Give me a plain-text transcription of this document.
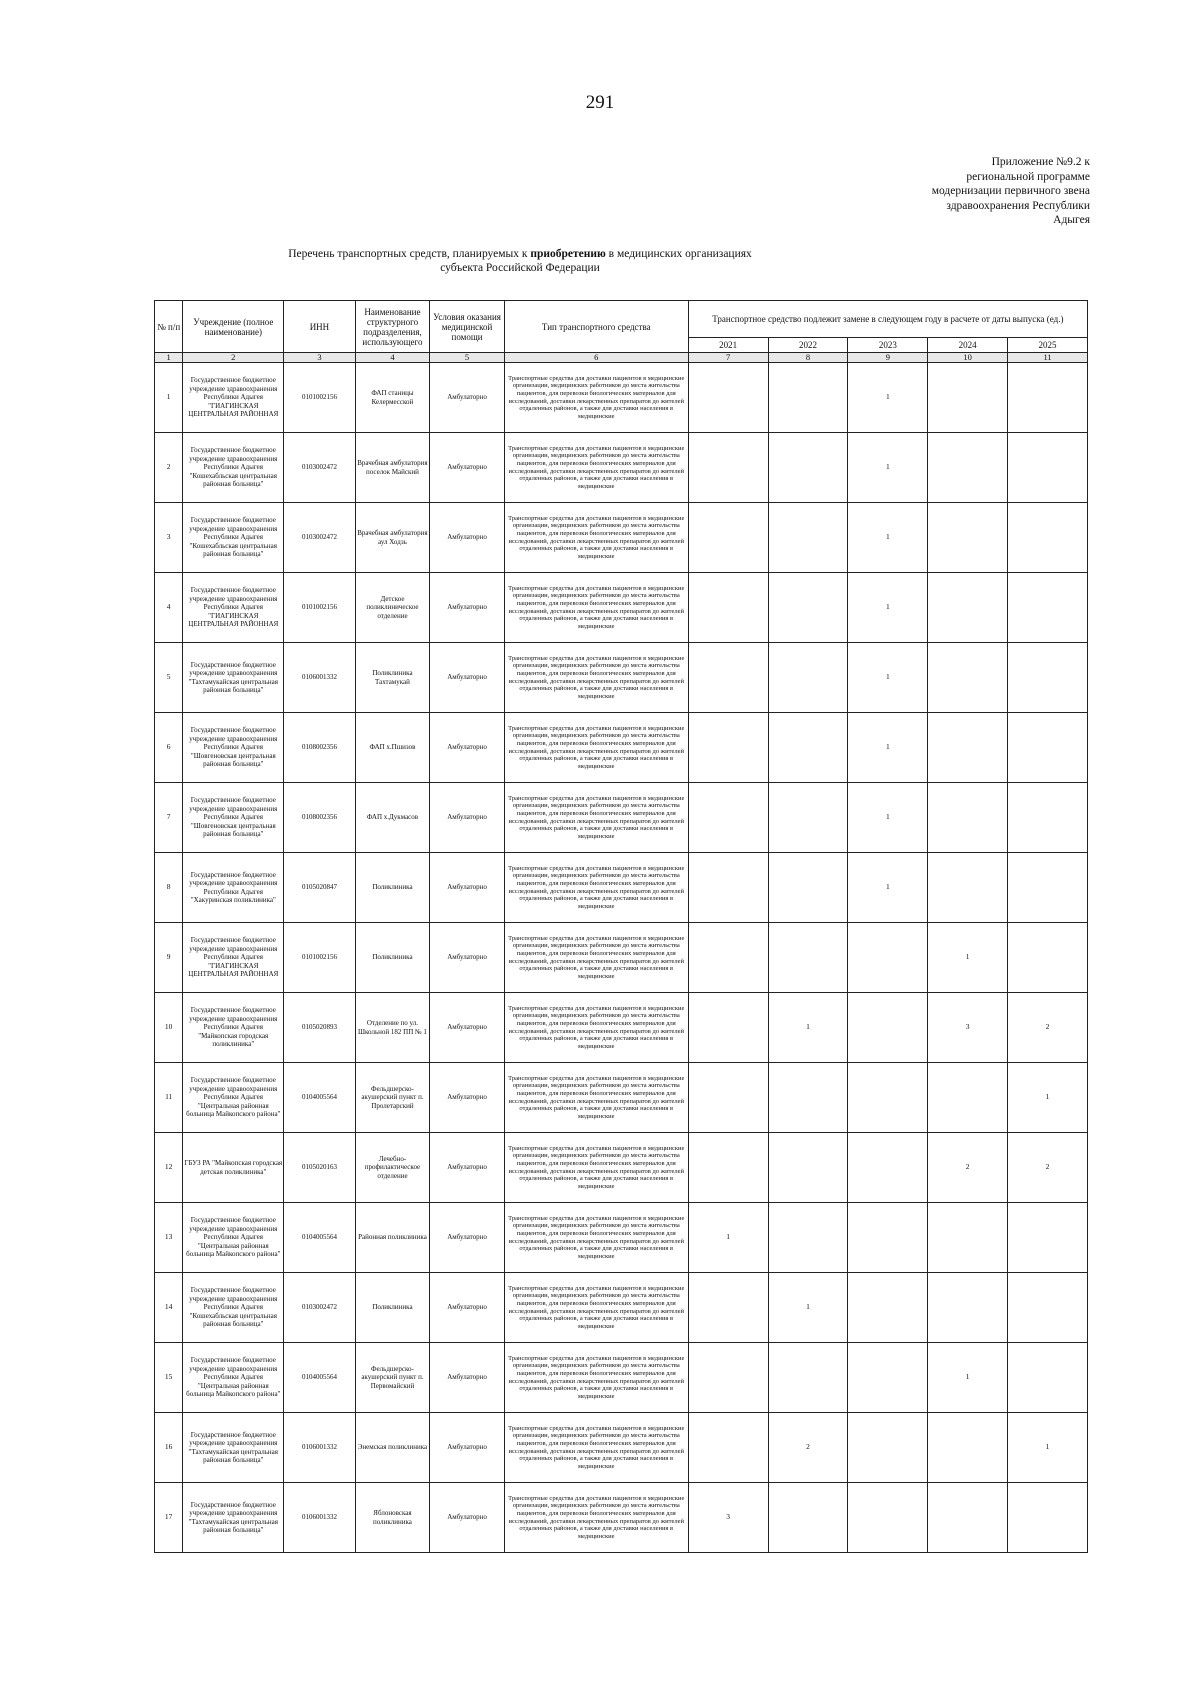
291
Приложение №9.2 к
региональной программе
модернизации первичного звена
здравоохранения Республики
Адыгея
Перечень транспортных средств, планируемых к приобретению в медицинских организациях
субъекта Российской Федерации
№ п/п	Учреждение (полное наименование)	ИНН	Наименование структурного подразделения, использующего	Условия оказания медицинской помощи	Тип транспортного средства	Транспортное средство подлежит замене в следующем году в расчете от даты выпуска (ед.)				
						2021	2022	2023	2024	2025
1	2	3	4	5	6	7	8	9	10	11
1	Государственное бюджетное учреждение здравоохранения Республики Адыгея "ГИАГИНСКАЯ ЦЕНТРАЛЬНАЯ РАЙОННАЯ	0101002156	ФАП станицы Келермесской	Амбулаторно	Транспортные средства для доставки пациентов в медицинские организации, медицинских работников до места жительства пациентов, для перевозки биологических материалов для исследований, доставки лекарственных препаратов до жителей отдаленных районов, а также для доставки населения в медицинские			1		
2	Государственное бюджетное учреждение здравоохранения Республики Адыгея "Кошехабльская центральная районная больница"	0103002472	Врачебная амбулатория поселок Майский	Амбулаторно	Транспортные средства для доставки пациентов в медицинские организации, медицинских работников до места жительства пациентов, для перевозки биологических материалов для исследований, доставки лекарственных препаратов до жителей отдаленных районов, а также для доставки населения в медицинские			1		
3	Государственное бюджетное учреждение здравоохранения Республики Адыгея "Кошехабльская центральная районная больница"	0103002472	Врачебная амбулатория аул Ходзь	Амбулаторно	Транспортные средства для доставки пациентов в медицинские организации, медицинских работников до места жительства пациентов, для перевозки биологических материалов для исследований, доставки лекарственных препаратов до жителей отдаленных районов, а также для доставки населения в медицинские			1		
4	Государственное бюджетное учреждение здравоохранения Республики Адыгея "ГИАГИНСКАЯ ЦЕНТРАЛЬНАЯ РАЙОННАЯ	0101002156	Детское поликлиническое отделение	Амбулаторно	Транспортные средства для доставки пациентов в медицинские организации, медицинских работников до места жительства пациентов, для перевозки биологических материалов для исследований, доставки лекарственных препаратов до жителей отдаленных районов, а также для доставки населения в медицинские			1		
5	Государственное бюджетное учреждение здравоохранения "Тахтамукайская центральная районная больница"	0106001332	Поликлиника Тахтамукай	Амбулаторно	Транспортные средства для доставки пациентов в медицинские организации, медицинских работников до места жительства пациентов, для перевозки биологических материалов для исследований, доставки лекарственных препаратов до жителей отдаленных районов, а также для доставки населения в медицинские			1		
6	Государственное бюджетное учреждение здравоохранения Республики Адыгея "Шовгеновская центральная районная больница"	0108002356	ФАП х.Пшизов	Амбулаторно	Транспортные средства для доставки пациентов в медицинские организации, медицинских работников до места жительства пациентов, для перевозки биологических материалов для исследований, доставки лекарственных препаратов до жителей отдаленных районов, а также для доставки населения в медицинские			1		
7	Государственное бюджетное учреждение здравоохранения Республики Адыгея "Шовгеновская центральная районная больница"	0108002356	ФАП х.Дукмасов	Амбулаторно	Транспортные средства для доставки пациентов в медицинские организации, медицинских работников до места жительства пациентов, для перевозки биологических материалов для исследований, доставки лекарственных препаратов до жителей отдаленных районов, а также для доставки населения в медицинские			1		
8	Государственное бюджетное учреждение здравоохранения Республики Адыгея "Хакуринская поликлиника"	0105020847	Поликлиника	Амбулаторно	Транспортные средства для доставки пациентов в медицинские организации, медицинских работников до места жительства пациентов, для перевозки биологических материалов для исследований, доставки лекарственных препаратов до жителей отдаленных районов, а также для доставки населения в медицинские			1		
9	Государственное бюджетное учреждение здравоохранения Республики Адыгея "ГИАГИНСКАЯ ЦЕНТРАЛЬНАЯ РАЙОННАЯ	0101002156	Поликлиника	Амбулаторно	Транспортные средства для доставки пациентов в медицинские организации, медицинских работников до места жительства пациентов, для перевозки биологических материалов для исследований, доставки лекарственных препаратов до жителей отдаленных районов, а также для доставки населения в медицинские				1	
10	Государственное бюджетное учреждение здравоохранения Республики Адыгея "Майкопская городская поликлиника"	0105020893	Отделение по ул. Школьной 182 ПП № 1	Амбулаторно	Транспортные средства для доставки пациентов в медицинские организации, медицинских работников до места жительства пациентов, для перевозки биологических материалов для исследований, доставки лекарственных препаратов до жителей отдаленных районов, а также для доставки населения в медицинские		1		3	2
11	Государственное бюджетное учреждение здравоохранения Республики Адыгея "Центральная районная больница Майкопского района"	0104005564	Фельдшерско-акушерский пункт п. Пролетарский	Амбулаторно	Транспортные средства для доставки пациентов в медицинские организации, медицинских работников до места жительства пациентов, для перевозки биологических материалов для исследований, доставки лекарственных препаратов до жителей отдаленных районов, а также для доставки населения в медицинские					1
12	ГБУЗ РА "Майкопская городская детская поликлиника"	0105020163	Лечебно-профилактическое отделение	Амбулаторно	Транспортные средства для доставки пациентов в медицинские организации, медицинских работников до места жительства пациентов, для перевозки биологических материалов для исследований, доставки лекарственных препаратов до жителей отдаленных районов, а также для доставки населения в медицинские				2	2
13	Государственное бюджетное учреждение здравоохранения Республики Адыгея "Центральная районная больница Майкопского района"	0104005564	Районная поликлиника	Амбулаторно	Транспортные средства для доставки пациентов в медицинские организации, медицинских работников до места жительства пациентов, для перевозки биологических материалов для исследований, доставки лекарственных препаратов до жителей отдаленных районов, а также для доставки населения в медицинские	1				
14	Государственное бюджетное учреждение здравоохранения Республики Адыгея "Кошехабльская центральная районная больница"	0103002472	Поликлиника	Амбулаторно	Транспортные средства для доставки пациентов в медицинские организации, медицинских работников до места жительства пациентов, для перевозки биологических материалов для исследований, доставки лекарственных препаратов до жителей отдаленных районов, а также для доставки населения в медицинские		1			
15	Государственное бюджетное учреждение здравоохранения Республики Адыгея "Центральная районная больница Майкопского района"	0104005564	Фельдшерско-акушерский пункт п. Первомайский	Амбулаторно	Транспортные средства для доставки пациентов в медицинские организации, медицинских работников до места жительства пациентов, для перевозки биологических материалов для исследований, доставки лекарственных препаратов до жителей отдаленных районов, а также для доставки населения в медицинские				1	
16	Государственное бюджетное учреждение здравоохранения "Тахтамукайская центральная районная больница"	0106001332	Энемская поликлиника	Амбулаторно	Транспортные средства для доставки пациентов в медицинские организации, медицинских работников до места жительства пациентов, для перевозки биологических материалов для исследований, доставки лекарственных препаратов до жителей отдаленных районов, а также для доставки населения в медицинские		2			1
17	Государственное бюджетное учреждение здравоохранения "Тахтамукайская центральная районная больница"	0106001332	Яблоновская поликлиника	Амбулаторно	Транспортные средства для доставки пациентов в медицинские организации, медицинских работников до места жительства пациентов, для перевозки биологических материалов для исследований, доставки лекарственных препаратов до жителей отдаленных районов, а также для доставки населения в медицинские	3				
